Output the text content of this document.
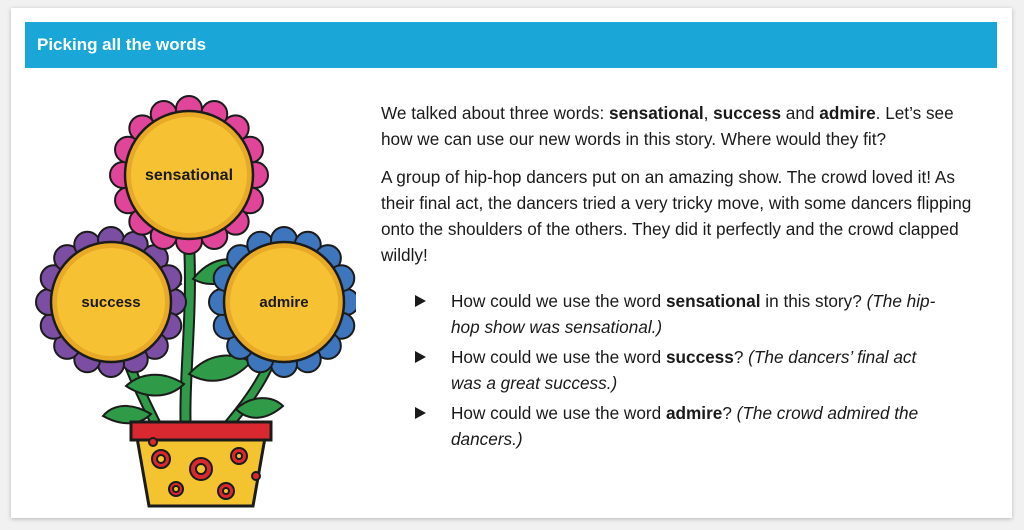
Picking all the words
success	admire
sensational

We talked about three words: sensational, success and admire. Let’s see how we can use our new words in this story. Where would they fit?

A group of hip-hop dancers put on an amazing show. The crowd loved it! As their final act, the dancers tried a very tricky move, with some dancers flipping onto the shoulders of the others. They did it perfectly and the crowd clapped wildly!

How could we use the word sensational in this story? (The hip-hop show was sensational.)
How could we use the word success? (The dancers’ final act was a great success.)
How could we use the word admire? (The crowd admired the dancers.)
